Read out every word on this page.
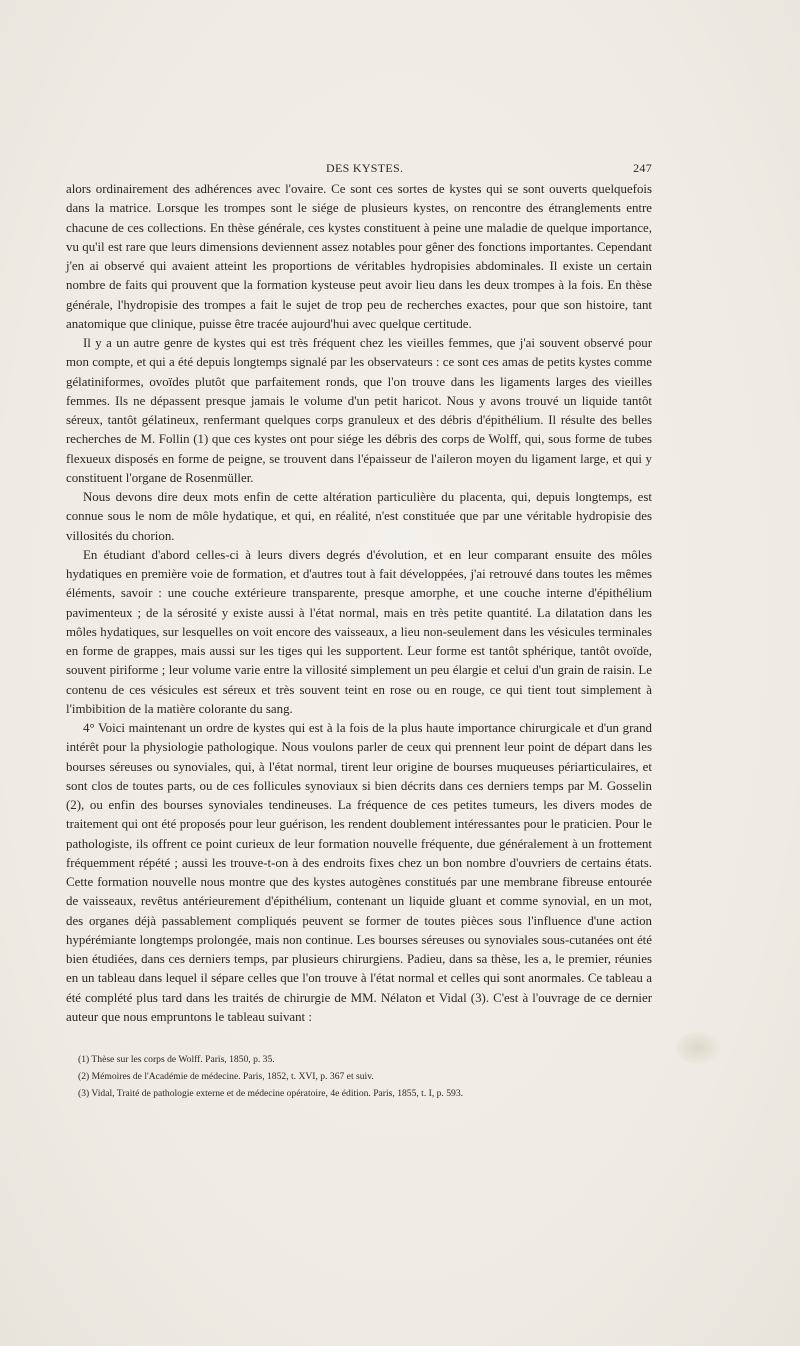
DES KYSTES.	247

alors ordinairement des adhérences avec l'ovaire. Ce sont ces sortes de kystes qui se sont ouverts quelquefois dans la matrice. Lorsque les trompes sont le siége de plusieurs kystes, on rencontre des étranglements entre chacune de ces collections. En thèse générale, ces kystes constituent à peine une maladie de quelque importance, vu qu'il est rare que leurs dimensions deviennent assez notables pour gêner des fonctions importantes. Cependant j'en ai observé qui avaient atteint les proportions de véritables hydropisies abdominales. Il existe un certain nombre de faits qui prouvent que la formation kysteuse peut avoir lieu dans les deux trompes à la fois. En thèse générale, l'hydropisie des trompes a fait le sujet de trop peu de recherches exactes, pour que son histoire, tant anatomique que clinique, puisse être tracée aujourd'hui avec quelque certitude.

Il y a un autre genre de kystes qui est très fréquent chez les vieilles femmes, que j'ai souvent observé pour mon compte, et qui a été depuis longtemps signalé par les observateurs : ce sont ces amas de petits kystes comme gélatiniformes, ovoïdes plutôt que parfaitement ronds, que l'on trouve dans les ligaments larges des vieilles femmes. Ils ne dépassent presque jamais le volume d'un petit haricot. Nous y avons trouvé un liquide tantôt séreux, tantôt gélatineux, renfermant quelques corps granuleux et des débris d'épithélium. Il résulte des belles recherches de M. Follin (1) que ces kystes ont pour siége les débris des corps de Wolff, qui, sous forme de tubes flexueux disposés en forme de peigne, se trouvent dans l'épaisseur de l'aileron moyen du ligament large, et qui y constituent l'organe de Rosenmüller.

Nous devons dire deux mots enfin de cette altération particulière du placenta, qui, depuis longtemps, est connue sous le nom de môle hydatique, et qui, en réalité, n'est constituée que par une véritable hydropisie des villosités du chorion.

En étudiant d'abord celles-ci à leurs divers degrés d'évolution, et en leur comparant ensuite des môles hydatiques en première voie de formation, et d'autres tout à fait développées, j'ai retrouvé dans toutes les mêmes éléments, savoir : une couche extérieure transparente, presque amorphe, et une couche interne d'épithélium pavimenteux ; de la sérosité y existe aussi à l'état normal, mais en très petite quantité. La dilatation dans les môles hydatiques, sur lesquelles on voit encore des vaisseaux, a lieu non-seulement dans les vésicules terminales en forme de grappes, mais aussi sur les tiges qui les supportent. Leur forme est tantôt sphérique, tantôt ovoïde, souvent piriforme ; leur volume varie entre la villosité simplement un peu élargie et celui d'un grain de raisin. Le contenu de ces vésicules est séreux et très souvent teint en rose ou en rouge, ce qui tient tout simplement à l'imbibition de la matière colorante du sang.

4° Voici maintenant un ordre de kystes qui est à la fois de la plus haute importance chirurgicale et d'un grand intérêt pour la physiologie pathologique. Nous voulons parler de ceux qui prennent leur point de départ dans les bourses séreuses ou synoviales, qui, à l'état normal, tirent leur origine de bourses muqueuses périarticulaires, et sont clos de toutes parts, ou de ces follicules synoviaux si bien décrits dans ces derniers temps par M. Gosselin (2), ou enfin des bourses synoviales tendineuses. La fréquence de ces petites tumeurs, les divers modes de traitement qui ont été proposés pour leur guérison, les rendent doublement intéressantes pour le praticien. Pour le pathologiste, ils offrent ce point curieux de leur formation nouvelle fréquente, due généralement à un frottement fréquemment répété ; aussi les trouve-t-on à des endroits fixes chez un bon nombre d'ouvriers de certains états. Cette formation nouvelle nous montre que des kystes autogènes constitués par une membrane fibreuse entourée de vaisseaux, revêtus antérieurement d'épithélium, contenant un liquide gluant et comme synovial, en un mot, des organes déjà passablement compliqués peuvent se former de toutes pièces sous l'influence d'une action hypérémiante longtemps prolongée, mais non continue. Les bourses séreuses ou synoviales sous-cutanées ont été bien étudiées, dans ces derniers temps, par plusieurs chirurgiens. Padieu, dans sa thèse, les a, le premier, réunies en un tableau dans lequel il sépare celles que l'on trouve à l'état normal et celles qui sont anormales. Ce tableau a été complété plus tard dans les traités de chirurgie de MM. Nélaton et Vidal (3). C'est à l'ouvrage de ce dernier auteur que nous empruntons le tableau suivant :

(1) Thèse sur les corps de Wolff. Paris, 1850, p. 35.
(2) Mémoires de l'Académie de médecine. Paris, 1852, t. XVI, p. 367 et suiv.
(3) Vidal, Traité de pathologie externe et de médecine opératoire, 4e édition. Paris, 1855, t. I, p. 593.
